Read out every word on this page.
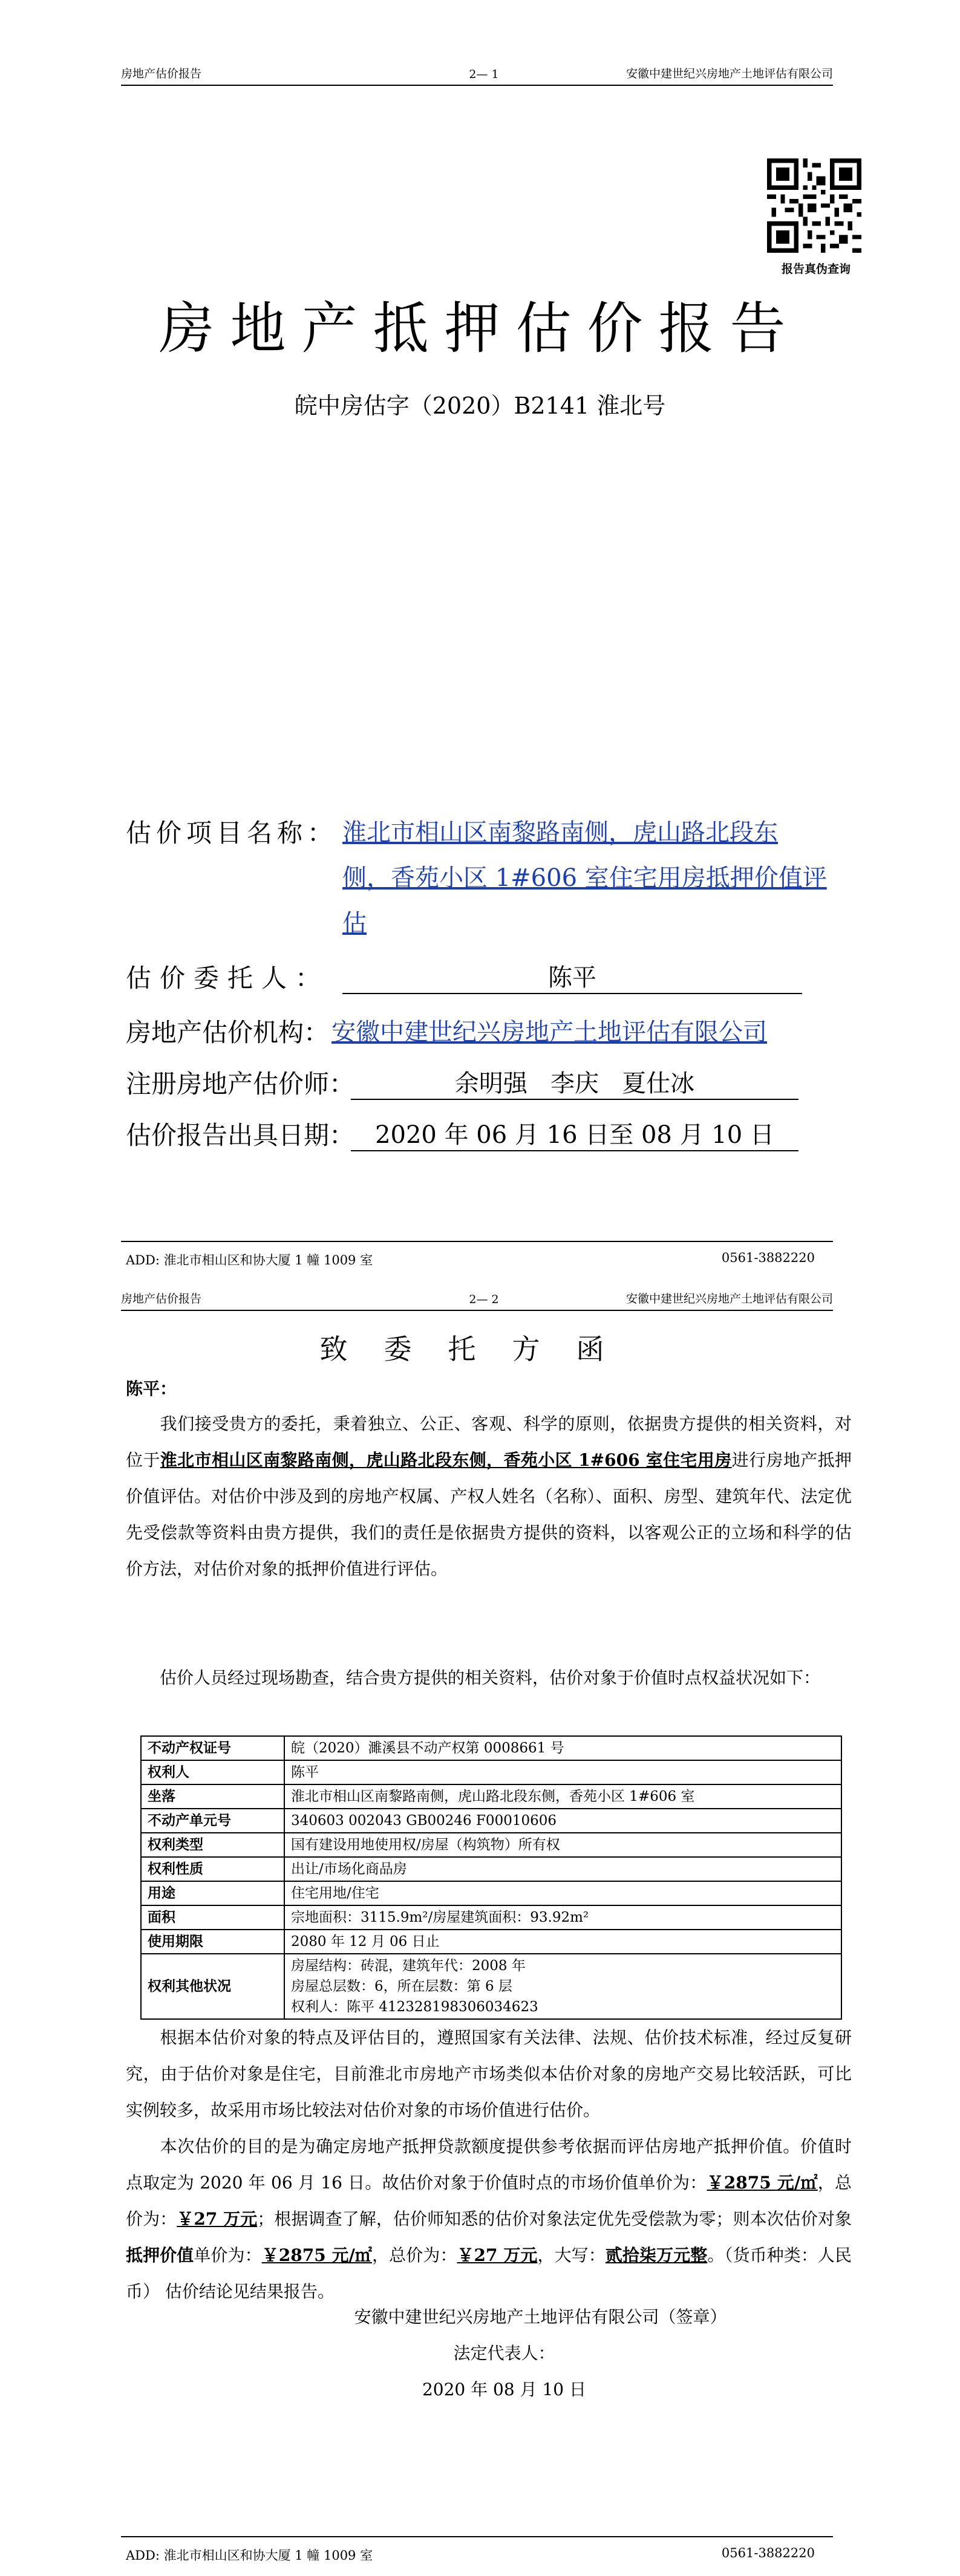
房地产估价报告	2— 1	安徽中建世纪兴房地产土地评估有限公司
报告真伪查询
房地产抵押估价报告
皖中房估字（2020）B2141 淮北号
估价项目名称： 淮北市相山区南黎路南侧，虎山路北段东
侧，香苑小区 1#606 室住宅用房抵押价值评
估
估价委托人：	陈平
房地产估价机构： 安徽中建世纪兴房地产土地评估有限公司
注册房地产估价师：	余明强   李庆   夏仕冰
估价报告出具日期： 2020 年 06 月 16 日至 08 月 10 日
ADD: 淮北市相山区和协大厦 1 幢 1009 室	0561-3882220
房地产估价报告	2— 2	安徽中建世纪兴房地产土地评估有限公司
致委托方函
陈平：
我们接受贵方的委托，秉着独立、公正、客观、科学的原则，依据贵方提供的相关资料，对位于淮北市相山区南黎路南侧，虎山路北段东侧，香苑小区 1#606 室住宅用房进行房地产抵押价值评估。对估价中涉及到的房地产权属、产权人姓名（名称）、面积、房型、建筑年代、法定优先受偿款等资料由贵方提供，我们的责任是依据贵方提供的资料，以客观公正的立场和科学的估价方法，对估价对象的抵押价值进行评估。
估价人员经过现场勘查，结合贵方提供的相关资料，估价对象于价值时点权益状况如下：
不动产权证号	皖（2020）濉溪县不动产权第 0008661 号

权利人	陈平

坐落	淮北市相山区南黎路南侧，虎山路北段东侧，香苑小区 1#606 室

不动产单元号	340603 002043 GB00246 F00010606

权利类型	国有建设用地使用权/房屋（构筑物）所有权

权利性质	出让/市场化商品房

用途	住宅用地/住宅

面积	宗地面积：3115.9m²/房屋建筑面积：93.92m²

使用期限	2080 年 12 月 06 日止

权利其他状况	房屋结构：砖混，建筑年代：2008 年
房屋总层数：6，所在层数：第 6 层
权利人：陈平 412328198306034623
根据本估价对象的特点及评估目的，遵照国家有关法律、法规、估价技术标准，经过反复研究，由于估价对象是住宅，目前淮北市房地产市场类似本估价对象的房地产交易比较活跃，可比实例较多，故采用市场比较法对估价对象的市场价值进行估价。
本次估价的目的是为确定房地产抵押贷款额度提供参考依据而评估房地产抵押价值。价值时点取定为 2020 年 06 月 16 日。故估价对象于价值时点的市场价值单价为：￥2875 元/㎡，总价为：￥27 万元；根据调查了解，估价师知悉的估价对象法定优先受偿款为零；则本次估价对象抵押价值单价为：￥2875 元/㎡，总价为：￥27 万元，大写：贰拾柒万元整。（货币种类：人民币） 估价结论见结果报告。
安徽中建世纪兴房地产土地评估有限公司（签章）
法定代表人：
2020 年 08 月 10 日
ADD: 淮北市相山区和协大厦 1 幢 1009 室	0561-3882220
